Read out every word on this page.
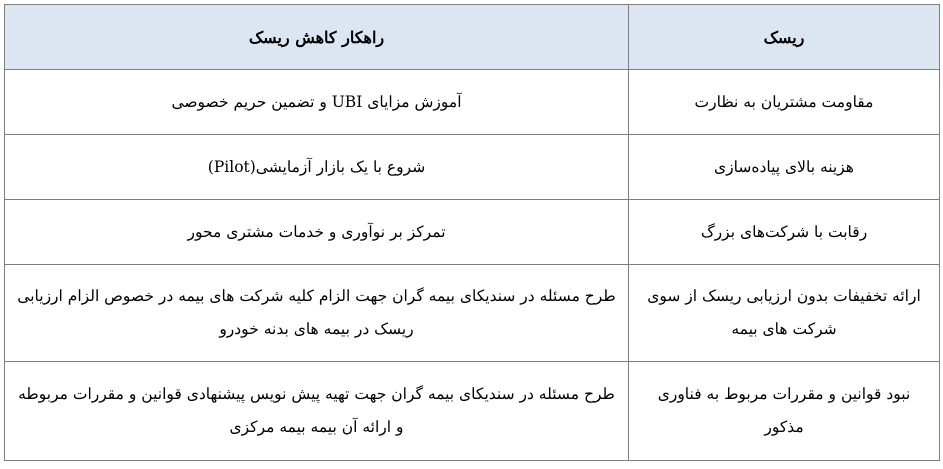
ریسک	راهکار کاهش ریسک
مقاومت مشتریان به نظارت	آموزش مزایای UBI و تضمین حریم خصوصی
هزینه بالای پیاده‌سازی	شروع با یک بازار آزمایشی(Pilot)
رقابت با شرکت‌های بزرگ	تمرکز بر نوآوری و خدمات مشتری محور
ارائه تخفیفات بدون ارزیابی ریسک از سوی شرکت های بیمه	طرح مسئله در سندیکای بیمه گران جهت الزام کلیه شرکت های بیمه در خصوص الزام ارزیابی ریسک در بیمه های بدنه خودرو
نبود قوانین و مقررات مربوط به فناوری مذکور	طرح مسئله در سندیکای بیمه گران جهت تهیه پیش نویس پیشنهادی قوانین و مقررات مربوطه و ارائه آن بیمه بیمه مرکزی
